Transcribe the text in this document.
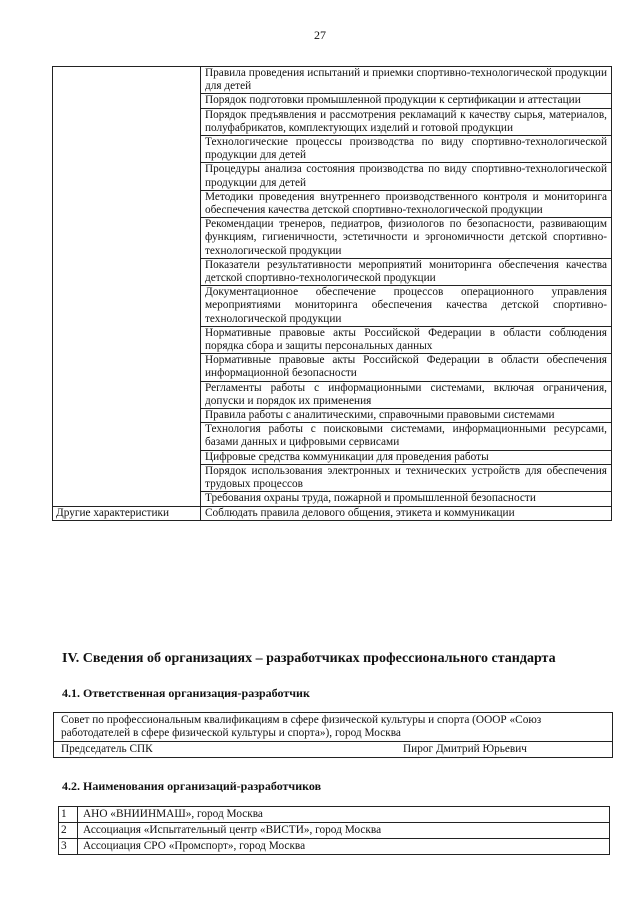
27
	Правила проведения испытаний и приемки спортивно-технологической продукции для детей
	Порядок подготовки промышленной продукции к сертификации и аттестации
	Порядок предъявления и рассмотрения рекламаций к качеству сырья, материалов, полуфабрикатов, комплектующих изделий и готовой продукции
	Технологические процессы производства по виду спортивно-технологической продукции для детей
	Процедуры анализа состояния производства по виду спортивно-технологической продукции для детей
	Методики проведения внутреннего производственного контроля и мониторинга обеспечения качества детской спортивно-технологической продукции
	Рекомендации тренеров, педиатров, физиологов по безопасности, развивающим функциям, гигиеничности, эстетичности и эргономичности детской спортивно-технологической продукции
	Показатели результативности мероприятий мониторинга обеспечения качества детской спортивно-технологической продукции
	Документационное обеспечение процессов операционного управления мероприятиями мониторинга обеспечения качества детской спортивно-технологической продукции
	Нормативные правовые акты Российской Федерации в области соблюдения порядка сбора и защиты персональных данных
	Нормативные правовые акты Российской Федерации в области обеспечения информационной безопасности
	Регламенты работы с информационными системами, включая ограничения, допуски и порядок их применения
	Правила работы с аналитическими, справочными правовыми системами
	Технология работы с поисковыми системами, информационными ресурсами, базами данных и цифровыми сервисами
	Цифровые средства коммуникации для проведения работы
	Порядок использования электронных и технических устройств для обеспечения трудовых процессов
	Требования охраны труда, пожарной и промышленной безопасности
Другие характеристики	Соблюдать правила делового общения, этикета и коммуникации
IV. Сведения об организациях – разработчиках профессионального стандарта
4.1. Ответственная организация-разработчик
Совет по профессиональным квалификациям в сфере физической культуры и спорта (ОООР «Союз работодателей в сфере физической культуры и спорта»), город Москва

Председатель СПК	Пирог Дмитрий Юрьевич
4.2. Наименования организаций-разработчиков
1	АНО «ВНИИНМАШ», город Москва
2	Ассоциация «Испытательный центр «ВИСТИ», город Москва
3	Ассоциация СРО «Промспорт», город Москва
